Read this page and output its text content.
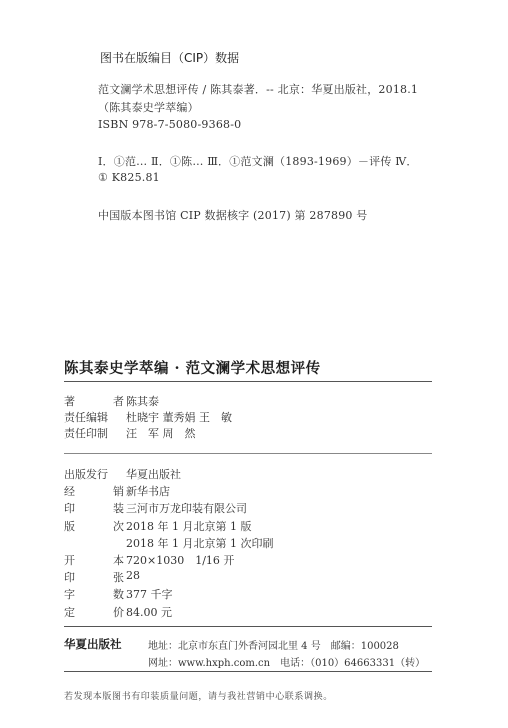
图书在版编目（CIP）数据
范文澜学术思想评传 / 陈其泰著．-- 北京：华夏出版社，2018.1
（陈其泰史学萃编）
ISBN 978-7-5080-9368-0
Ⅰ．①范… Ⅱ．①陈… Ⅲ．①范文澜（1893-1969）－评传 Ⅳ．
① K825.81
中国版本图书馆 CIP 数据核字 (2017) 第 287890 号
陈其泰史学萃编 · 范文澜学术思想评传
著	者 陈其泰
责任编辑 杜晓宇 董秀娟 王　敏
责任印制 汪　军 周　然
出版发行 华夏出版社
经	销 新华书店
印	装 三河市万龙印装有限公司
版	次 2018 年 1 月北京第 1 版
2018 年 1 月北京第 1 次印刷
开	本 720×1030　1/16 开
印	张 28
字	数 377 千字
定	价 84.00 元
华夏出版社	地址：北京市东直门外香河园北里 4 号　邮编：100028
网址：www.hxph.com.cn　电话：（010）64663331（转）
若发现本版图书有印装质量问题，请与我社营销中心联系调换。
